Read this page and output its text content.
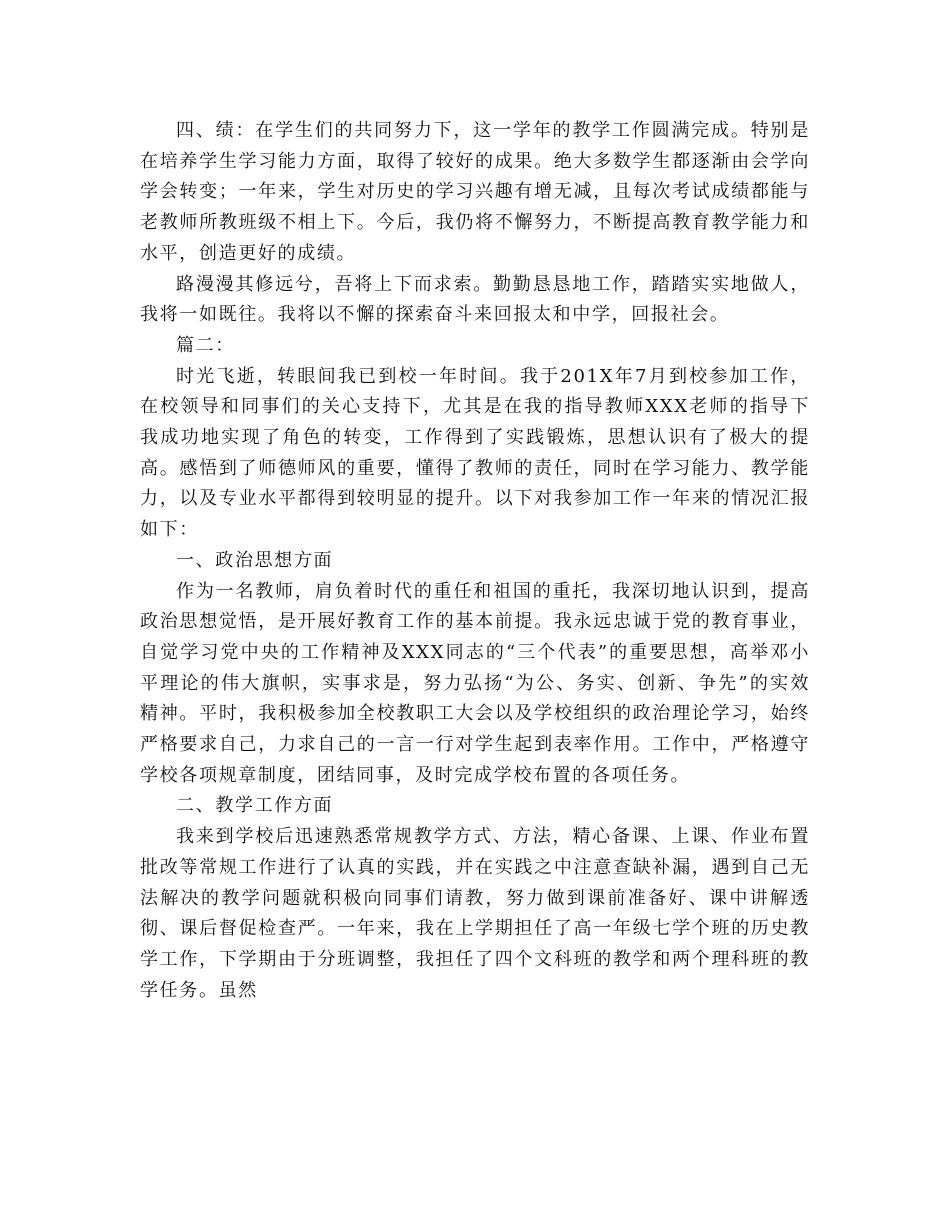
四、绩：在学生们的共同努力下，这一学年的教学工作圆满完成。特别是在培养学生学习能力方面，取得了较好的成果。绝大多数学生都逐渐由会学向学会转变；一年来，学生对历史的学习兴趣有增无减，且每次考试成绩都能与老教师所教班级不相上下。今后，我仍将不懈努力，不断提高教育教学能力和水平，创造更好的成绩。

路漫漫其修远兮，吾将上下而求索。勤勤恳恳地工作，踏踏实实地做人，我将一如既往。我将以不懈的探索奋斗来回报太和中学，回报社会。

篇二：

时光飞逝，转眼间我已到校一年时间。我于201X年7月到校参加工作，在校领导和同事们的关心支持下，尤其是在我的指导教师XXX老师的指导下我成功地实现了角色的转变，工作得到了实践锻炼，思想认识有了极大的提高。感悟到了师德师风的重要，懂得了教师的责任，同时在学习能力、教学能力，以及专业水平都得到较明显的提升。以下对我参加工作一年来的情况汇报如下：

一、政治思想方面

作为一名教师，肩负着时代的重任和祖国的重托，我深切地认识到，提高政治思想觉悟，是开展好教育工作的基本前提。我永远忠诚于党的教育事业，自觉学习党中央的工作精神及XXX同志的“三个代表”的重要思想，高举邓小平理论的伟大旗帜，实事求是，努力弘扬“为公、务实、创新、争先”的实效精神。平时，我积极参加全校教职工大会以及学校组织的政治理论学习，始终严格要求自己，力求自己的一言一行对学生起到表率作用。工作中，严格遵守学校各项规章制度，团结同事，及时完成学校布置的各项任务。

二、教学工作方面

我来到学校后迅速熟悉常规教学方式、方法，精心备课、上课、作业布置批改等常规工作进行了认真的实践，并在实践之中注意查缺补漏，遇到自己无法解决的教学问题就积极向同事们请教，努力做到课前准备好、课中讲解透彻、课后督促检查严。一年来，我在上学期担任了高一年级七学个班的历史教学工作，下学期由于分班调整，我担任了四个文科班的教学和两个理科班的教学任务。虽然
